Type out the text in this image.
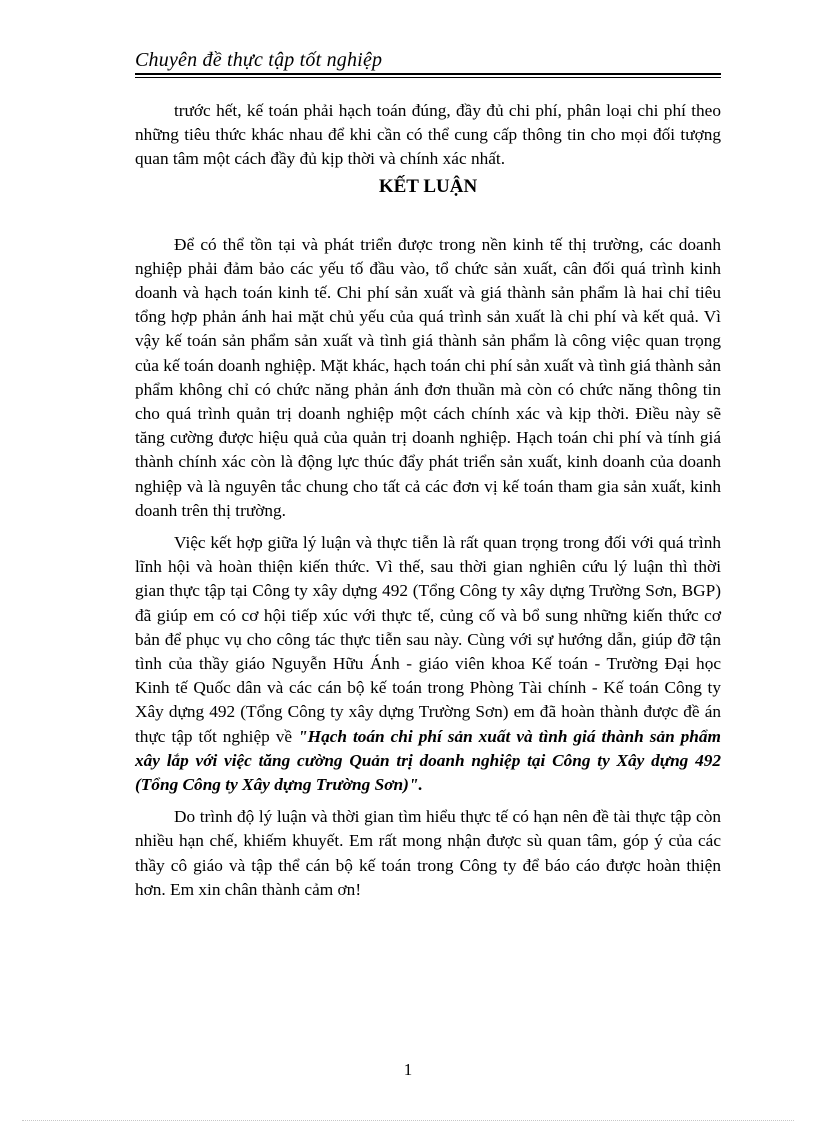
Chuyên đề thực tập tốt nghiệp

trước hết, kế toán phải hạch toán đúng, đầy đủ chi phí, phân loại chi phí theo những tiêu thức khác nhau để khi cần có thể cung cấp thông tin cho mọi đối tượng quan tâm một cách đầy đủ kịp thời và chính xác nhất.

KẾT LUẬN

Để có thể tồn tại và phát triển được trong nền kinh tế thị trường, các doanh nghiệp phải đảm bảo các yếu tố đầu vào, tổ chức sản xuất, cân đối quá trình kinh doanh và hạch toán kinh tế. Chi phí sản xuất và giá thành sản phẩm là hai chỉ tiêu tổng hợp phản ánh hai mặt chủ yếu của quá trình sản xuất là chi phí và kết quả. Vì vậy kế toán sản phẩm sản xuất và tình giá thành sản phẩm là công việc quan trọng của kế toán doanh nghiệp. Mặt khác, hạch toán chi phí sản xuất và tình giá thành sản phẩm không chỉ có chức năng phản ánh đơn thuần mà còn có chức năng thông tin cho quá trình quản trị doanh nghiệp một cách chính xác và kịp thời. Điều này sẽ tăng cường được hiệu quả của quản trị doanh nghiệp. Hạch toán chi phí và tính giá thành chính xác còn là động lực thúc đẩy phát triển sản xuất, kinh doanh của doanh nghiệp và là nguyên tắc chung cho tất cả các đơn vị kế toán tham gia sản xuất, kinh doanh trên thị trường.

Việc kết hợp giữa lý luận và thực tiễn là rất quan trọng trong đối với quá trình lĩnh hội và hoàn thiện kiến thức. Vì thế, sau thời gian nghiên cứu lý luận thì thời gian thực tập tại Công ty xây dựng 492 (Tổng Công ty xây dựng Trường Sơn, BGP) đã giúp em có cơ hội tiếp xúc với thực tế, củng cố và bổ sung những kiến thức cơ bản để phục vụ cho công tác thực tiễn sau này. Cùng với sự hướng dẫn, giúp đỡ tận tình của thầy giáo Nguyễn Hữu Ánh - giáo viên khoa Kế toán - Trường Đại học Kinh tế Quốc dân và các cán bộ kế toán trong Phòng Tài chính - Kế toán Công ty Xây dựng 492 (Tổng Công ty xây dựng Trường Sơn) em đã hoàn thành được đề án thực tập tốt nghiệp về "Hạch toán chi phí sản xuất và tình giá thành sản phẩm xây lắp với việc tăng cường Quản trị doanh nghiệp tại Công ty Xây dựng 492 (Tổng Công ty Xây dựng Trường Sơn)".

Do trình độ lý luận và thời gian tìm hiểu thực tế có hạn nên đề tài thực tập còn nhiều hạn chế, khiếm khuyết. Em rất mong nhận được sù quan tâm, góp ý của các thầy cô giáo và tập thể cán bộ kế toán trong Công ty để báo cáo được hoàn thiện hơn. Em xin chân thành cảm ơn!

1
